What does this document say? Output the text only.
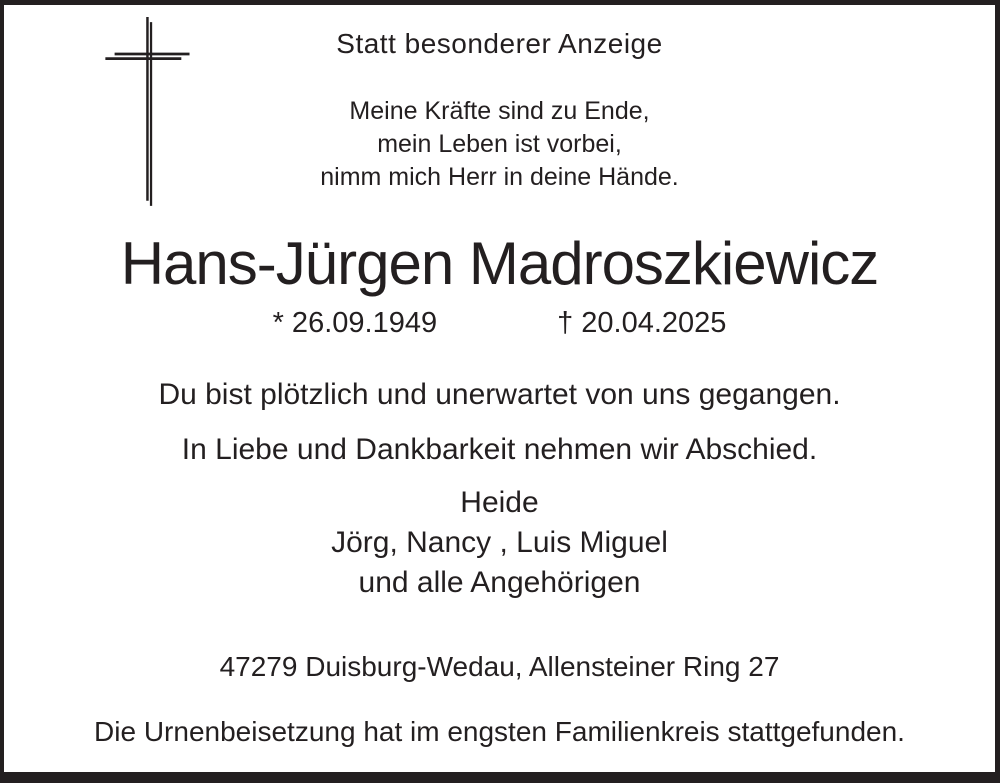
Statt besonderer Anzeige
Meine Kräfte sind zu Ende,
mein Leben ist vorbei,
nimm mich Herr in deine Hände.
Hans-Jürgen Madroszkiewicz
* 26.09.1949	† 20.04.2025
Du bist plötzlich und unerwartet von uns gegangen.
In Liebe und Dankbarkeit nehmen wir Abschied.
Heide
Jörg, Nancy , Luis Miguel
und alle Angehörigen
47279 Duisburg-Wedau, Allensteiner Ring 27
Die Urnenbeisetzung hat im engsten Familienkreis stattgefunden.
